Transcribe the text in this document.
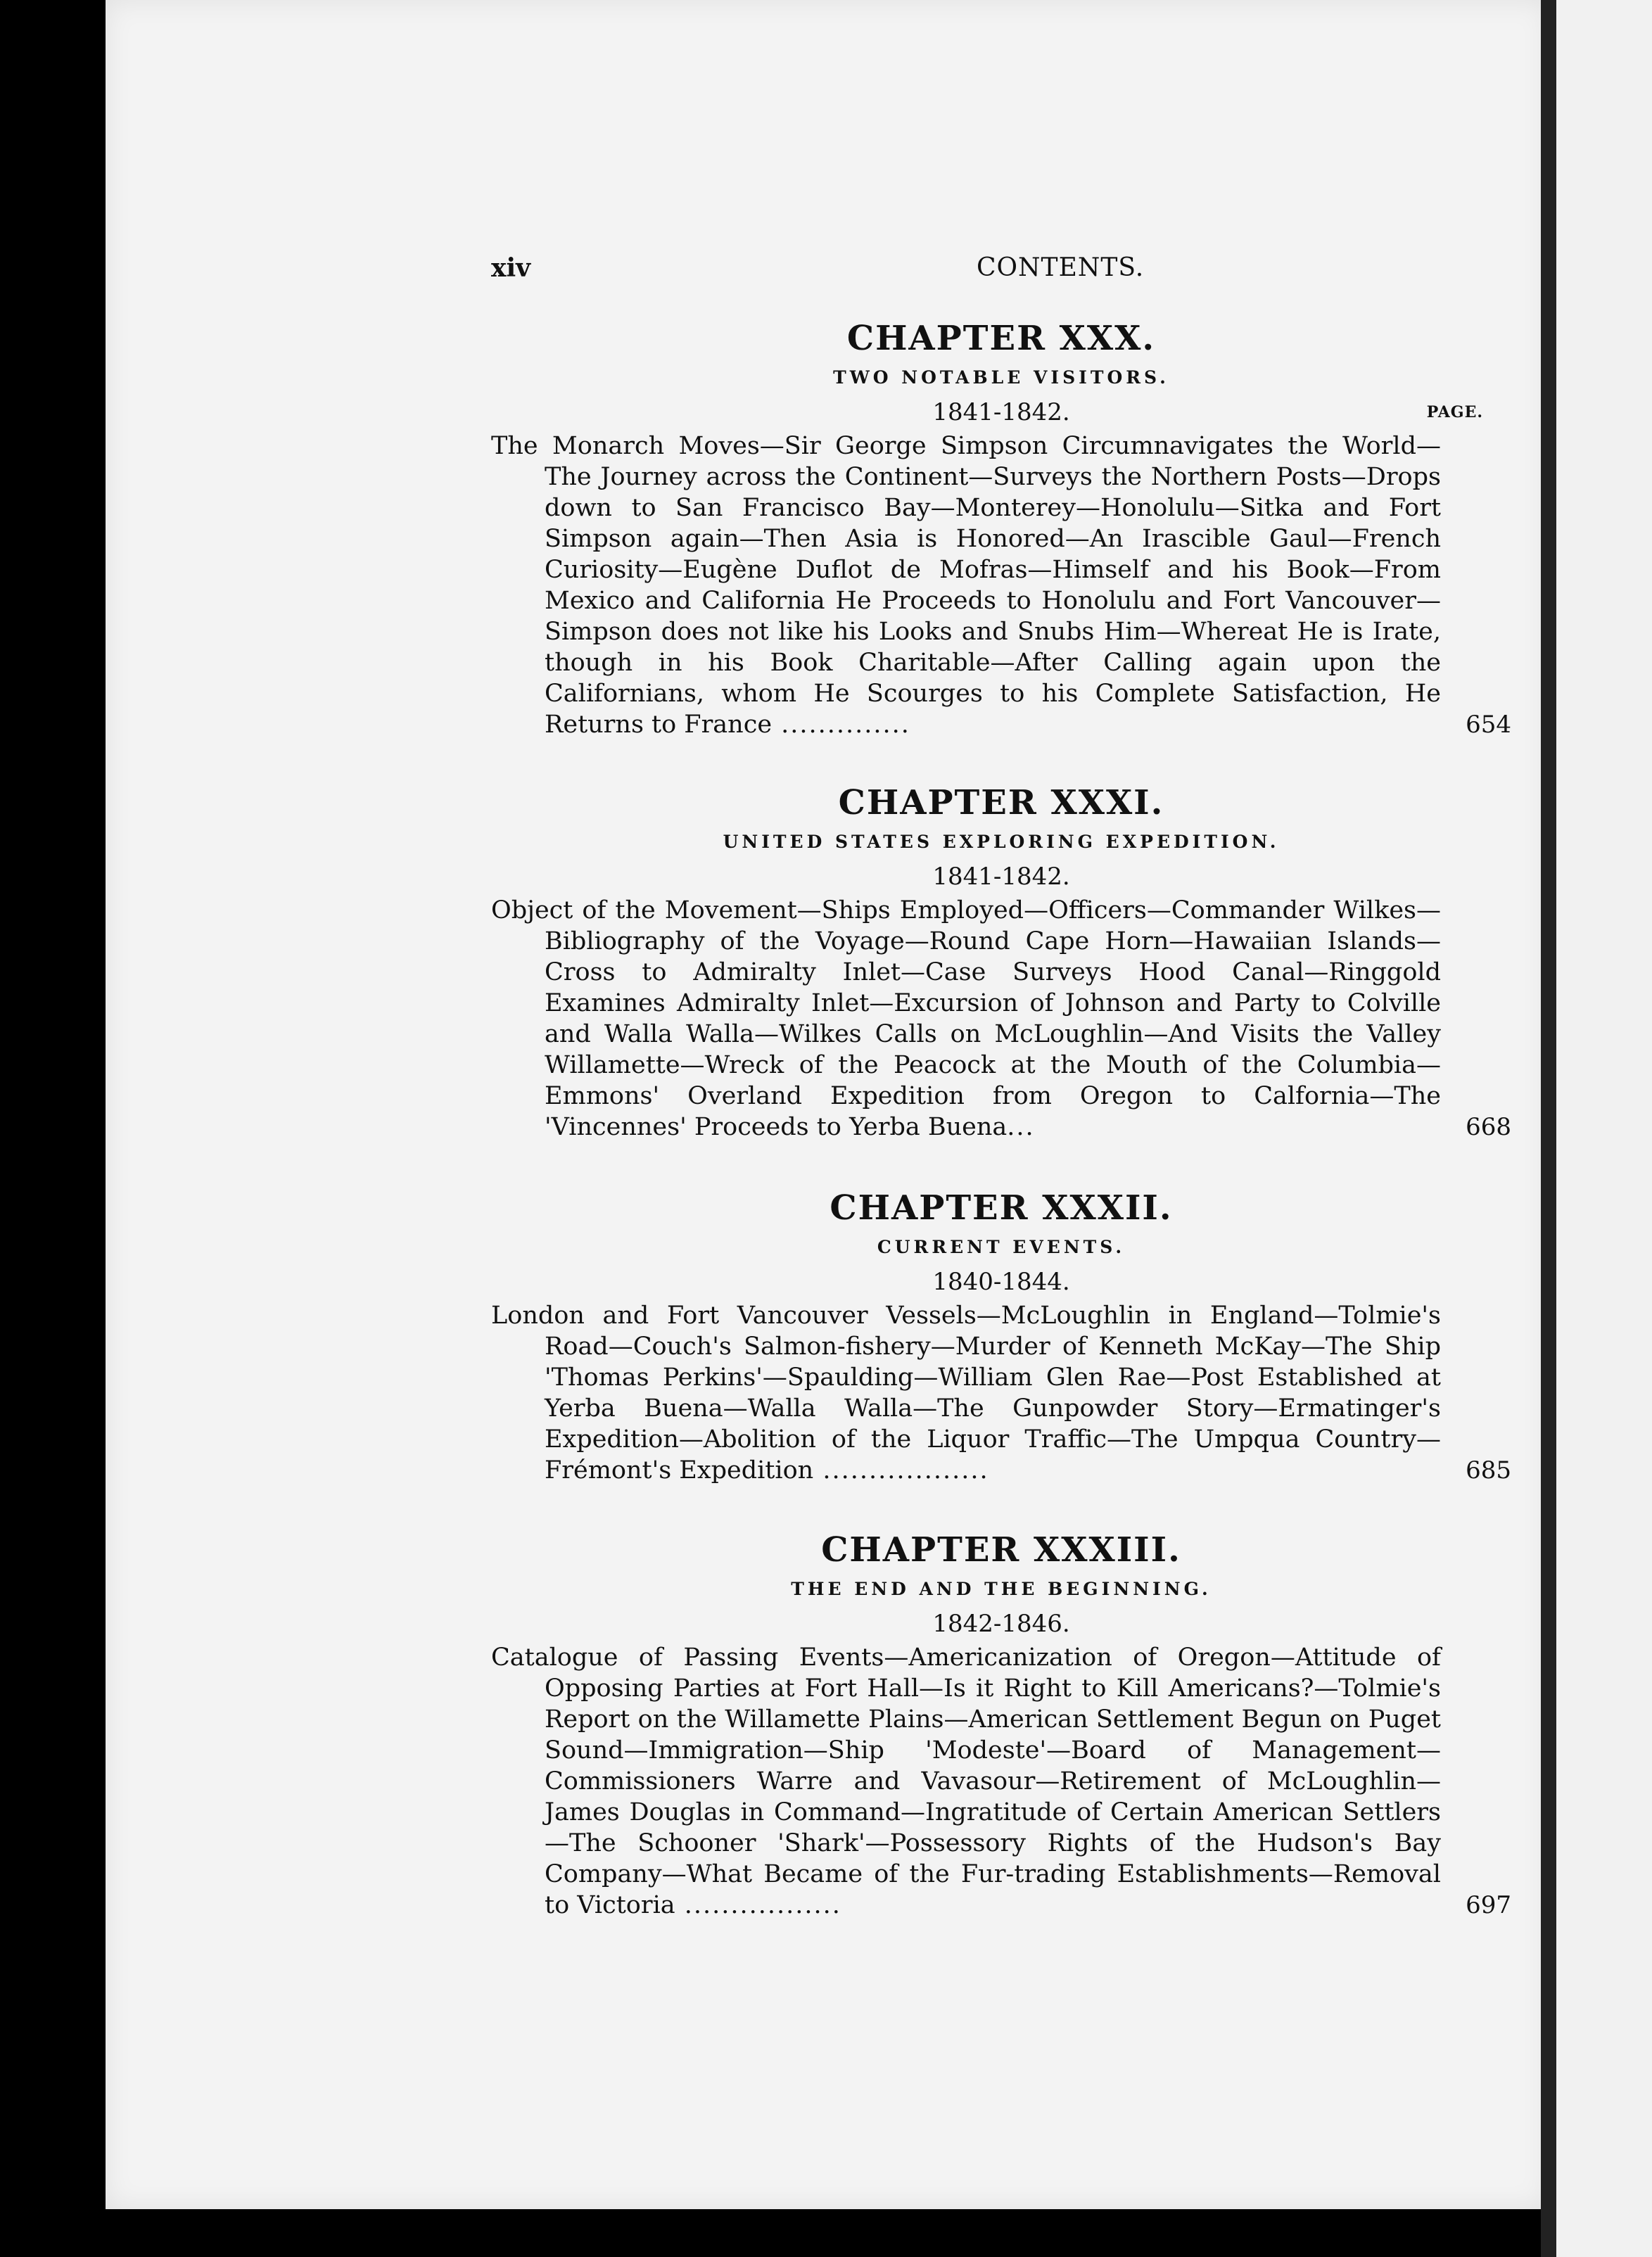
xiv	CONTENTS.
CHAPTER XXX.
TWO NOTABLE VISITORS.
1841-1842.	PAGE.
The Monarch Moves—Sir George Simpson Circumnavigates the World—The Journey across the Continent—Surveys the Northern Posts—Drops down to San Francisco Bay—Monterey—Honolulu—Sitka and Fort Simpson again—Then Asia is Honored—An Irascible Gaul—French Curiosity—Eugène Duflot de Mofras—Himself and his Book—From Mexico and California He Proceeds to Honolulu and Fort Vancouver—Simpson does not like his Looks and Snubs Him—Whereat He is Irate, though in his Book Charitable—After Calling again upon the Californians, whom He Scourges to his Complete Satisfaction, He Returns to France ..............	654
CHAPTER XXXI.
UNITED STATES EXPLORING EXPEDITION.
1841-1842.
Object of the Movement—Ships Employed—Officers—Commander Wilkes—Bibliography of the Voyage—Round Cape Horn—Hawaiian Islands—Cross to Admiralty Inlet—Case Surveys Hood Canal—Ringgold Examines Admiralty Inlet—Excursion of Johnson and Party to Colville and Walla Walla—Wilkes Calls on McLoughlin—And Visits the Valley Willamette—Wreck of the Peacock at the Mouth of the Columbia—Emmons' Overland Expedition from Oregon to Calfornia—The 'Vincennes' Proceeds to Yerba Buena...	668
CHAPTER XXXII.
CURRENT EVENTS.
1840-1844.
London and Fort Vancouver Vessels—McLoughlin in England—Tolmie's Road—Couch's Salmon-fishery—Murder of Kenneth McKay—The Ship 'Thomas Perkins'—Spaulding—William Glen Rae—Post Established at Yerba Buena—Walla Walla—The Gunpowder Story—Ermatinger's Expedition—Abolition of the Liquor Traffic—The Umpqua Country—Frémont's Expedition ..................	685
CHAPTER XXXIII.
THE END AND THE BEGINNING.
1842-1846.
Catalogue of Passing Events—Americanization of Oregon—Attitude of Opposing Parties at Fort Hall—Is it Right to Kill Americans?—Tolmie's Report on the Willamette Plains—American Settlement Begun on Puget Sound—Immigration—Ship 'Modeste'—Board of Management—Commissioners Warre and Vavasour—Retirement of McLoughlin—James Douglas in Command—Ingratitude of Certain American Settlers—The Schooner 'Shark'—Possessory Rights of the Hudson's Bay Company—What Became of the Fur-trading Establishments—Removal to Victoria .................	697
